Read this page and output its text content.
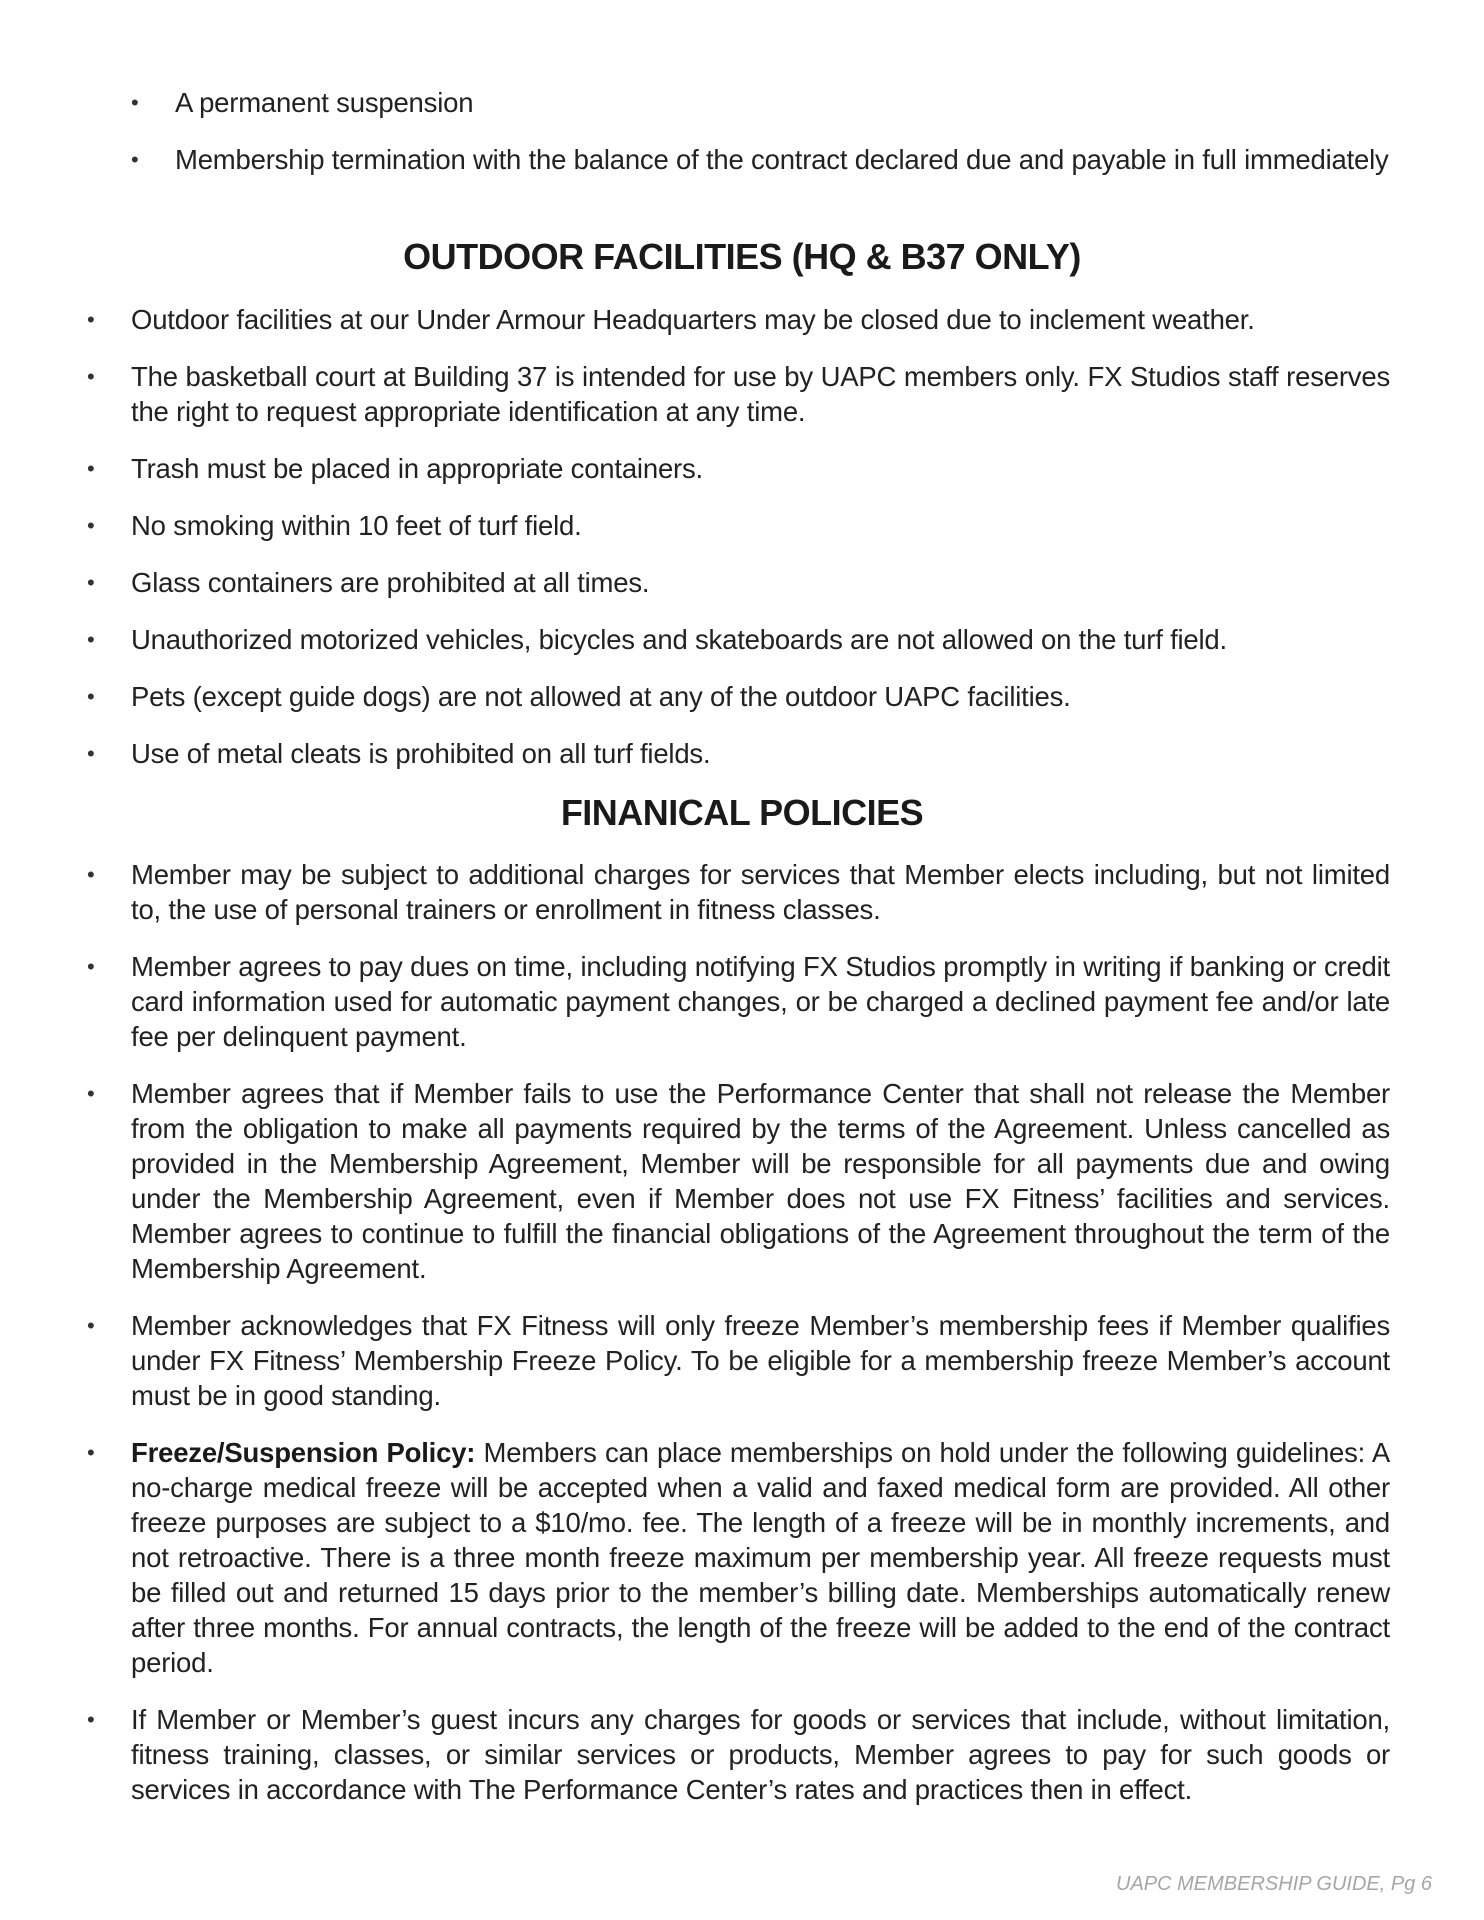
• A permanent suspension
• Membership termination with the balance of the contract declared due and payable in full immediately
OUTDOOR FACILITIES (HQ & B37 ONLY)
• Outdoor facilities at our Under Armour Headquarters may be closed due to inclement weather.
• The basketball court at Building 37 is intended for use by UAPC members only. FX Studios staff reserves the right to request appropriate identification at any time.
• Trash must be placed in appropriate containers.
• No smoking within 10 feet of turf field.
• Glass containers are prohibited at all times.
• Unauthorized motorized vehicles, bicycles and skateboards are not allowed on the turf field.
• Pets (except guide dogs) are not allowed at any of the outdoor UAPC facilities.
• Use of metal cleats is prohibited on all turf fields.
FINANICAL POLICIES
• Member may be subject to additional charges for services that Member elects including, but not limited to, the use of personal trainers or enrollment in fitness classes.
• Member agrees to pay dues on time, including notifying FX Studios promptly in writing if banking or credit card information used for automatic payment changes, or be charged a declined payment fee and/or late fee per delinquent payment.
• Member agrees that if Member fails to use the Performance Center that shall not release the Member from the obligation to make all payments required by the terms of the Agreement. Unless cancelled as provided in the Membership Agreement, Member will be responsible for all payments due and owing under the Membership Agreement, even if Member does not use FX Fitness’ facilities and services. Member agrees to continue to fulfill the financial obligations of the Agreement throughout the term of the Membership Agreement.
• Member acknowledges that FX Fitness will only freeze Member’s membership fees if Member qualifies under FX Fitness’ Membership Freeze Policy. To be eligible for a membership freeze Member’s account must be in good standing.
• Freeze/Suspension Policy: Members can place memberships on hold under the following guidelines: A no-charge medical freeze will be accepted when a valid and faxed medical form are provided. All other freeze purposes are subject to a $10/mo. fee. The length of a freeze will be in monthly increments, and not retroactive. There is a three month freeze maximum per membership year. All freeze requests must be filled out and returned 15 days prior to the member’s billing date. Memberships automatically renew after three months. For annual contracts, the length of the freeze will be added to the end of the contract period.
• If Member or Member’s guest incurs any charges for goods or services that include, without limitation, fitness training, classes, or similar services or products, Member agrees to pay for such goods or services in accordance with The Performance Center’s rates and practices then in effect.
UAPC MEMBERSHIP GUIDE, Pg 6
